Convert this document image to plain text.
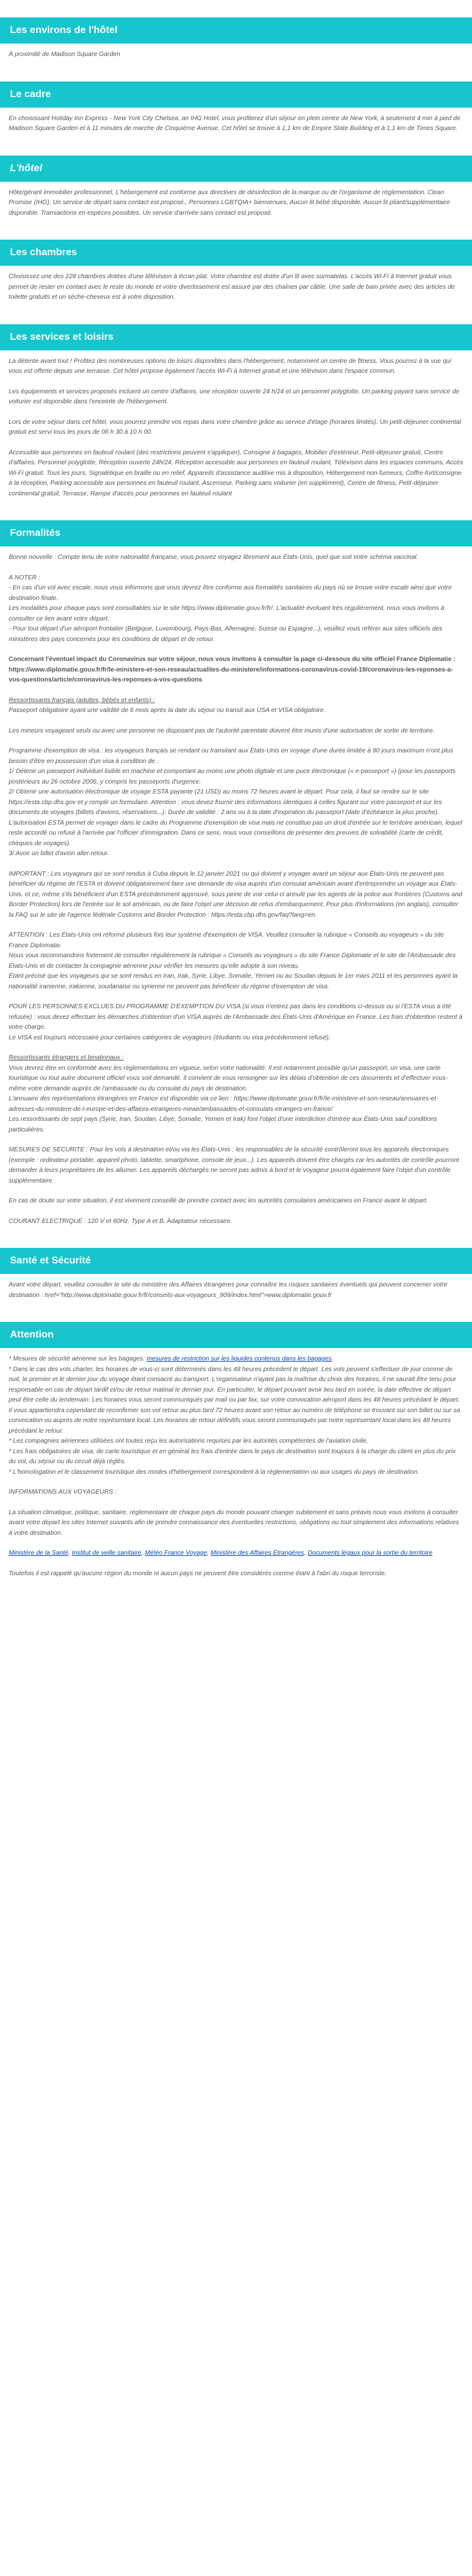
Les environs de l'hôtel

À proximité de Madison Square Garden

Le cadre

En choisissant Holiday Inn Express - New York City Chelsea, an IHG Hotel, vous profiterez d'un séjour en plein centre de New York, à seulement 4 min à pied de Madison Square Garden et à 11 minutes de marche de Cinquième Avenue. Cet hôtel se trouve à 1,1 km de Empire State Building et à 1,1 km de Times Square.

L'hôtel

Hôte/gérant immobilier professionnel, L'hébergement est conforme aux directives de désinfection de la marque ou de l'organisme de réglementation. Clean Promise (IHG), Un service de départ sans contact est proposé., Personnes LGBTQIA+ bienvenues, Aucun lit bébé disponible. Aucun lit pliant/supplémentaire disponible. Transactions en espèces possibles. Un service d'arrivée sans contact est proposé.

Les chambres

Choisissez une des 228 chambres dotées d'une télévision à écran plat. Votre chambre est dotée d'un lit avec surmatelas. L'accès Wi-Fi à Internet gratuit vous permet de rester en contact avec le reste du monde et votre divertissement est assuré par des chaînes par câble. Une salle de bain privée avec des articles de toilette gratuits et un sèche-cheveux est à votre disposition.

Les services et loisirs

La détente avant tout ! Profitez des nombreuses options de loisirs disponibles dans l'hébergement, notamment un centre de fitness. Vous pourrez à la vue qui vous est offerte depuis une terrasse. Cet hôtel propose également l'accès Wi-Fi à Internet gratuit et une télévision dans l'espace commun.

Les équipements et services proposés incluent un centre d'affaires, une réception ouverte 24 h/24 et un personnel polyglotte. Un parking payant sans service de voiturier est disponible dans l'enceinte de l'hébergement.

Lors de votre séjour dans cet hôtel, vous pourrez prendre vos repas dans votre chambre grâce au service d'étage (horaires limités). Un petit-déjeuner continental gratuit est servi tous les jours de 06 h 30 à 10 h 00.

Accessible aux personnes en fauteuil roulant (des restrictions peuvent s'appliquer), Consigne à bagages, Mobilier d'extérieur, Petit-déjeuner gratuit, Centre d'affaires, Personnel polyglotte, Réception ouverte 24h/24, Réception accessible aux personnes en fauteuil roulant, Télévision dans les espaces communs, Accès Wi-Fi gratuit, Tous les jours, Signalétique en braille ou en relief, Appareils d'assistance auditive mis à disposition, Hébergement non-fumeurs, Coffre-fort/consigne à la réception, Parking accessible aux personnes en fauteuil roulant, Ascenseur, Parking sans voiturier (en supplément), Centre de fitness, Petit-déjeuner continental gratuit, Terrasse, Rampe d'accès pour personnes en fauteuil roulant

Formalités

Bonne nouvelle : Compte tenu de votre nationalité française, vous pouvez voyagez librement aux États-Unis, quel que soit votre schéma vaccinal.

A NOTER :
- En cas d'un vol avec escale, nous vous informons que vous devrez être conforme aux formalités sanitaires du pays où se trouve votre escale ainsi que votre destination finale.
Les modalités pour chaque pays sont consultables sur le site https://www.diplomatie.gouv.fr/fr/. L'actualité évoluant très régulièrement, nous vous invitons à consulter ce lien avant votre départ.
- Pour tout départ d'un aéroport frontalier (Belgique, Luxembourg, Pays-Bas, Allemagne, Suisse ou Espagne...), veuillez vous référer aux sites officiels des ministères des pays concernés pour les conditions de départ et de retour.

Concernant l'éventuel impact du Coronavirus sur votre séjour, nous vous invitons à consulter la page ci-dessous du site officiel France Diplomatie :
https://www.diplomatie.gouv.fr/fr/le-ministere-et-son-reseau/actualites-du-ministere/informations-coronavirus-covid-19/coronavirus-les-reponses-a-vos-questions/article/coronavirus-les-reponses-a-vos-questions

Ressortissants français (adultes, bébés et enfants) :
Passeport obligatoire ayant une validité de 6 mois après la date du séjour ou transit aux USA et VISA obligatoire.

Les mineurs voyageant seuls ou avec une personne ne disposant pas de l'autorité parentale doivent être munis d'une autorisation de sortie de territoire.

Programme d'exemption de visa : les voyageurs français se rendant ou transitant aux États-Unis en voyage d'une durée limitée à 90 jours maximum n'ont plus besoin d'être en possession d'un visa à condition de :
1/ Détenir un passeport individuel lisible en machine et comportant au moins une photo digitale et une puce électronique (« e-passeport ») (pour les passeports postérieurs au 26 octobre 2006, y compris les passeports d'urgence.
2/ Obtenir une autorisation électronique de voyage ESTA payante (21 USD) au moins 72 heures avant le départ. Pour cela, il faut se rendre sur le site https://esta.cbp.dhs.gov et y remplir un formulaire. Attention : vous devez fournir des informations identiques à celles figurant sur votre passeport et sur les documents de voyages (billets d'avions, réservations...). Durée de validité : 2 ans ou à la date d'expiration du passeport (date d'échéance la plus proche).
L'autorisation ESTA permet de voyager dans le cadre du Programme d'exemption de visa mais ne constitue pas un droit d'entrée sur le territoire américain, lequel reste accordé ou refusé à l'arrivée par l'officier d'immigration. Dans ce sens, nous vous conseillons de présenter des preuves de solvabilité (carte de crédit, chèques de voyages).
3/ Avoir un billet d'avion aller-retour.

IMPORTANT : Les voyageurs qui se sont rendus à Cuba depuis le 12 janvier 2021 ou qui doivent y voyager avant un séjour aux États-Unis ne peuvent pas bénéficier du régime de l'ESTA et doivent obligatoirement faire une demande de visa auprès d'un consulat américain avant d'entreprendre un voyage aux États-Unis, et ce, même s'ils bénéficient d'un ESTA précédemment approuvé, sous peine de voir celui-ci annulé par les agents de la police aux frontières (Customs and Border Protection) lors de l'entrée sur le sol américain, ou de faire l'objet une décision de refus d'embarquement. Pour plus d'informations (en anglais), consulter la FAQ sur le site de l'agence fédérale Customs and Border Protection : https://esta.cbp.dhs.gov/faq?lang=en.

ATTENTION : Les États-Unis ont réformé plusieurs fois leur système d'exemption de VISA. Veuillez consulter la rubrique « Conseils au voyageurs » du site France Diplomatie.
Nous vous recommandons fortement de consulter régulièrement la rubrique « Conseils au voyageurs » du site France Diplomatie et le site de l'Ambassade des États-Unis et de contacter la compagnie aérienne pour vérifier les mesures qu'elle adopte à son niveau.
Étant précisé que les voyageurs qui se sont rendus en Iran, Irak, Syrie, Libye, Somalie, Yemen ou au Soudan depuis le 1er mars 2011 et les personnes ayant la nationalité iranienne, irakienne, soudanaise ou syrienne ne peuvent pas bénéficier du régime d'exemption de visa.

POUR LES PERSONNES EXCLUES DU PROGRAMME D'EXEMPTION DU VISA (si vous n'entrez pas dans les conditions ci-dessus ou si l'ESTA vous a été refusée) : vous devez effectuer les démarches d'obtention d'un VISA auprès de l'Ambassade des États-Unis d'Amérique en France. Les frais d'obtention restent à votre charge.
Le VISA est toujours nécessaire pour certaines catégories de voyageurs (étudiants ou visa précédemment refusé).

Ressortissants étrangers et binationaux :
Vous devrez être en conformité avec les réglementations en vigueur, selon votre nationalité. Il est notamment possible qu'un passeport, un visa, une carte touristique ou tout autre document officiel vous soit demandé. Il convient de vous renseigner sur les délais d'obtention de ces documents et d'effectuer vous-même votre demande auprès de l'ambassade ou du consulat du pays de destination.
L'annuaire des représentations étrangères en France est disponible via ce lien : https://www.diplomatie.gouv.fr/fr/le-ministere-et-son-reseau/annuaires-et-adresses-du-ministere-de-l-europe-et-des-affaires-etrangeres-meae/ambassades-et-consulats-etrangers-en-france/
Les ressortissants de sept pays (Syrie, Iran, Soudan, Libye, Somalie, Yemen et Irak) font l'objet d'une interdiction d'entrée aux États-Unis sauf conditions particulières.

MESURES DE SECURITE : Pour les vols à destination et/ou via les États-Unis : les responsables de la sécurité contrôleront tous les appareils électroniques (exemple : ordinateur portable, appareil photo, tablette, smartphone, console de jeux...). Les appareils doivent être chargés car les autorités de contrôle pourront demander à leurs propriétaires de les allumer. Les appareils déchargés ne seront pas admis à bord et le voyageur pourra également faire l'objet d'un contrôle supplémentaire.

En cas de doute sur votre situation, il est vivement conseillé de prendre contact avec les autorités consulaires américaines en France avant le départ.

COURANT ELECTRIQUE : 120 V et 60Hz. Type A et B. Adaptateur nécessaire.

Santé et Sécurité

Avant votre départ, veuillez consulter le site du ministère des Affaires étrangères pour connaître les risques sanitaires éventuels qui peuvent concerner votre destination : href="http://www.diplomatie.gouv.fr/fr/conseils-aux-voyageurs_909/index.html">www.diplomatie.gouv.fr

Attention

* Mesures de sécurité aérienne sur les bagages: mesures de restriction sur les liquides contenus dans les bagages.
* Dans le cas des vols charter, les horaires de vous-ci sont déterminés dans les 48 heures précédent le départ. Les vols peuvent s'effectuer de jour comme de nuit, le premier et le dernier jour du voyage étant consacré au transport. L'organisateur n'ayant pas la maîtrise du choix des horaires, il ne saurait être tenu pour responsable en cas de départ tardif et/ou de retour matinal le dernier jour. En particulier, le départ pouvant avoir lieu tard en soirée, la date effective de départ peut être celle du lendemain. Les horaires vous seront communiqués par mail ou par fax, sur votre convocation aéroport dans les 48 heures précédant le départ. Il vous appartiendra cependant de reconfirmer son vol retour au plus tard 72 heures avant son retour au numéro de téléphone se trouvant sur son billet ou sur sa convocation ou auprès de notre représentant local. Les horaires de retour définitifs vous seront communiqués par notre représentant local dans les 48 heures précédant le retour.
* Les compagnies aériennes utilisées ont toutes reçu les autorisations requises par les autorités compétentes de l'aviation civile.
* Les frais obligatoires de visa, de carte touristique et en général les frais d'entrée dans le pays de destination sont toujours à la charge du client en plus du prix du vol, du séjour ou du circuit déjà réglés.
* L'homologation et le classement touristique des modes d'hébergement correspondent à la réglementation ou aux usages du pays de destination.

INFORMATIONS AUX VOYAGEURS :

La situation climatique, politique, sanitaire, réglementaire de chaque pays du monde pouvant changer subitement et sans préavis nous vous invitons à consulter avant votre départ les sites Internet suivants afin de prendre connaissance des éventuelles restrictions, obligations ou tout simplement des informations relatives à votre destination.

Ministère de la Santé, Institut de veille sanitaire, Météo France Voyage, Ministère des Affaires Étrangères, Documents légaux pour la sortie du territoire

Toutefois il est rappelé qu'aucune région du monde ni aucun pays ne peuvent être considérés comme étant à l'abri du risque terroriste.
